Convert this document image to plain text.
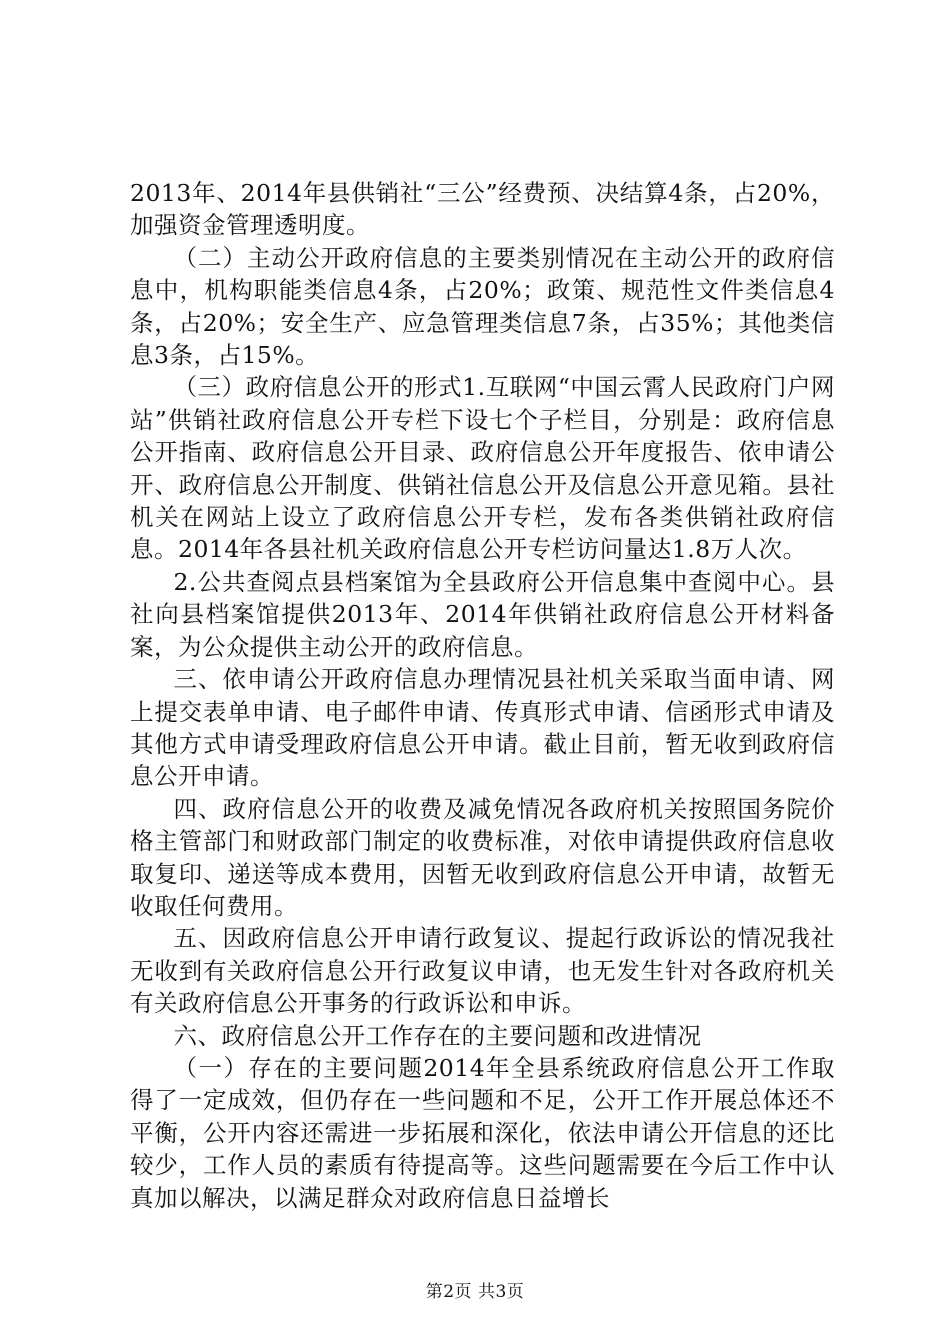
2013年、2014年县供销社“三公”经费预、决结算4条，占20%，加强资金管理透明度。

（二）主动公开政府信息的主要类别情况在主动公开的政府信息中，机构职能类信息4条，占20%；政策、规范性文件类信息4条，占20%；安全生产、应急管理类信息7条，占35%；其他类信息3条，占15%。

（三）政府信息公开的形式1.互联网“中国云霄人民政府门户网站”供销社政府信息公开专栏下设七个子栏目，分别是：政府信息公开指南、政府信息公开目录、政府信息公开年度报告、依申请公开、政府信息公开制度、供销社信息公开及信息公开意见箱。县社机关在网站上设立了政府信息公开专栏，发布各类供销社政府信息。2014年各县社机关政府信息公开专栏访问量达1.8万人次。

2.公共查阅点县档案馆为全县政府公开信息集中查阅中心。县社向县档案馆提供2013年、2014年供销社政府信息公开材料备案，为公众提供主动公开的政府信息。

三、依申请公开政府信息办理情况县社机关采取当面申请、网上提交表单申请、电子邮件申请、传真形式申请、信函形式申请及其他方式申请受理政府信息公开申请。截止目前，暂无收到政府信息公开申请。

四、政府信息公开的收费及减免情况各政府机关按照国务院价格主管部门和财政部门制定的收费标准，对依申请提供政府信息收取复印、递送等成本费用，因暂无收到政府信息公开申请，故暂无收取任何费用。

五、因政府信息公开申请行政复议、提起行政诉讼的情况我社无收到有关政府信息公开行政复议申请，也无发生针对各政府机关有关政府信息公开事务的行政诉讼和申诉。

六、政府信息公开工作存在的主要问题和改进情况

（一）存在的主要问题2014年全县系统政府信息公开工作取得了一定成效，但仍存在一些问题和不足，公开工作开展总体还不平衡，公开内容还需进一步拓展和深化，依法申请公开信息的还比较少，工作人员的素质有待提高等。这些问题需要在今后工作中认真加以解决，以满足群众对政府信息日益增长

第2页 共3页
